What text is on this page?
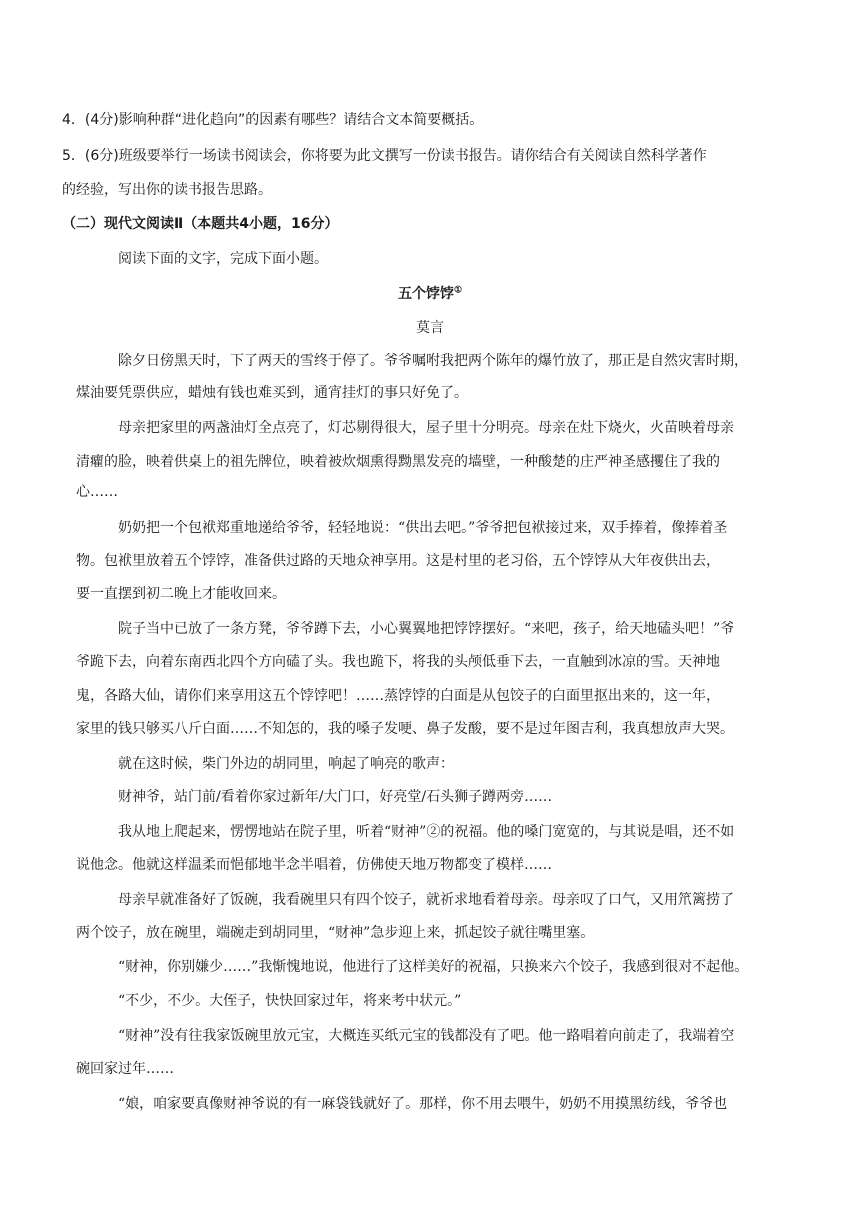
4．(4分)影响种群“进化趋向”的因素有哪些？请结合文本简要概括。

5．(6分)班级要举行一场读书阅读会，你将要为此文撰写一份读书报告。请你结合有关阅读自然科学著作

的经验，写出你的读书报告思路。

（二）现代文阅读Ⅱ（本题共4小题，16分）

阅读下面的文字，完成下面小题。

五个饽饽①

莫言

除夕日傍黑天时，下了两天的雪终于停了。爷爷嘱咐我把两个陈年的爆竹放了，那正是自然灾害时期，

煤油要凭票供应，蜡烛有钱也难买到，通宵挂灯的事只好免了。

母亲把家里的两盏油灯全点亮了，灯芯剔得很大，屋子里十分明亮。母亲在灶下烧火，火苗映着母亲

清癯的脸，映着供桌上的祖先牌位，映着被炊烟熏得黝黑发亮的墙壁，一种酸楚的庄严神圣感攫住了我的

心……

奶奶把一个包袱郑重地递给爷爷，轻轻地说：“供出去吧。”爷爷把包袱接过来，双手捧着，像捧着圣

物。包袱里放着五个饽饽，准备供过路的天地众神享用。这是村里的老习俗，五个饽饽从大年夜供出去，

要一直摆到初二晚上才能收回来。

院子当中已放了一条方凳，爷爷蹲下去，小心翼翼地把饽饽摆好。“来吧，孩子，给天地磕头吧！”爷

爷跪下去，向着东南西北四个方向磕了头。我也跪下，将我的头颅低垂下去，一直触到冰凉的雪。天神地

鬼，各路大仙，请你们来享用这五个饽饽吧！……蒸饽饽的白面是从包饺子的白面里抠出来的，这一年，

家里的钱只够买八斤白面……不知怎的，我的嗓子发哽、鼻子发酸，要不是过年图吉利，我真想放声大哭。

就在这时候，柴门外边的胡同里，响起了响亮的歌声：

财神爷，站门前/看着你家过新年/大门口，好亮堂/石头狮子蹲两旁……

我从地上爬起来，愣愣地站在院子里，听着“财神”②的祝福。他的嗓门宽宽的，与其说是唱，还不如

说他念。他就这样温柔而悒郁地半念半唱着，仿佛使天地万物都变了模样……

母亲早就准备好了饭碗，我看碗里只有四个饺子，就祈求地看着母亲。母亲叹了口气，又用笊篱捞了

两个饺子，放在碗里，端碗走到胡同里，“财神”急步迎上来，抓起饺子就往嘴里塞。

“财神，你别嫌少……”我惭愧地说，他进行了这样美好的祝福，只换来六个饺子，我感到很对不起他。

“不少，不少。大侄子，快快回家过年，将来考中状元。”

“财神”没有往我家饭碗里放元宝，大概连买纸元宝的钱都没有了吧。他一路唱着向前走了，我端着空

碗回家过年……

“娘，咱家要真像财神爷说的有一麻袋钱就好了。那样，你不用去喂牛，奶奶不用摸黑纺线，爷爷也
